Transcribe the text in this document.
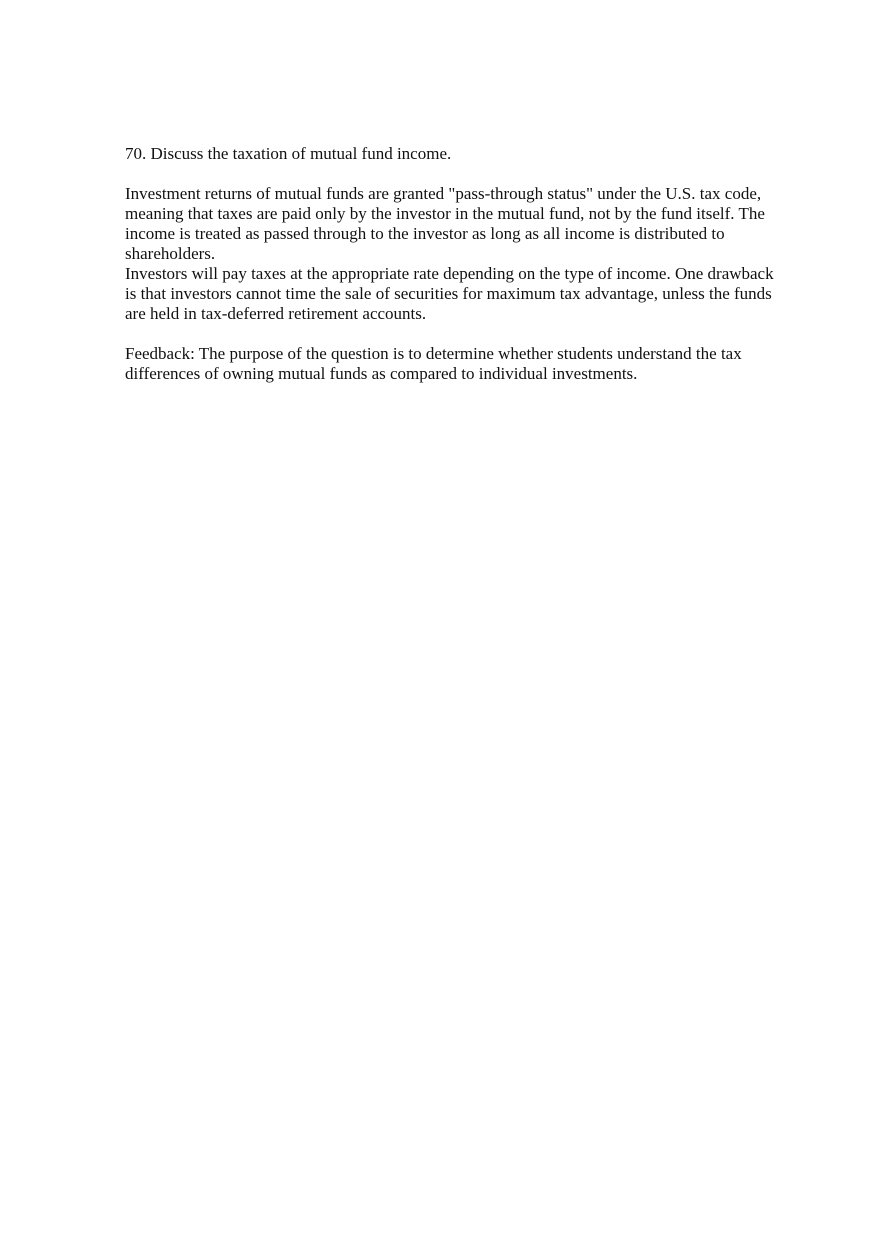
70. Discuss the taxation of mutual fund income.

Investment returns of mutual funds are granted "pass-through status" under the U.S. tax code, meaning that taxes are paid only by the investor in the mutual fund, not by the fund itself. The income is treated as passed through to the investor as long as all income is distributed to shareholders.

Investors will pay taxes at the appropriate rate depending on the type of income. One drawback is that investors cannot time the sale of securities for maximum tax advantage, unless the funds are held in tax-deferred retirement accounts.

Feedback: The purpose of the question is to determine whether students understand the tax differences of owning mutual funds as compared to individual investments.
